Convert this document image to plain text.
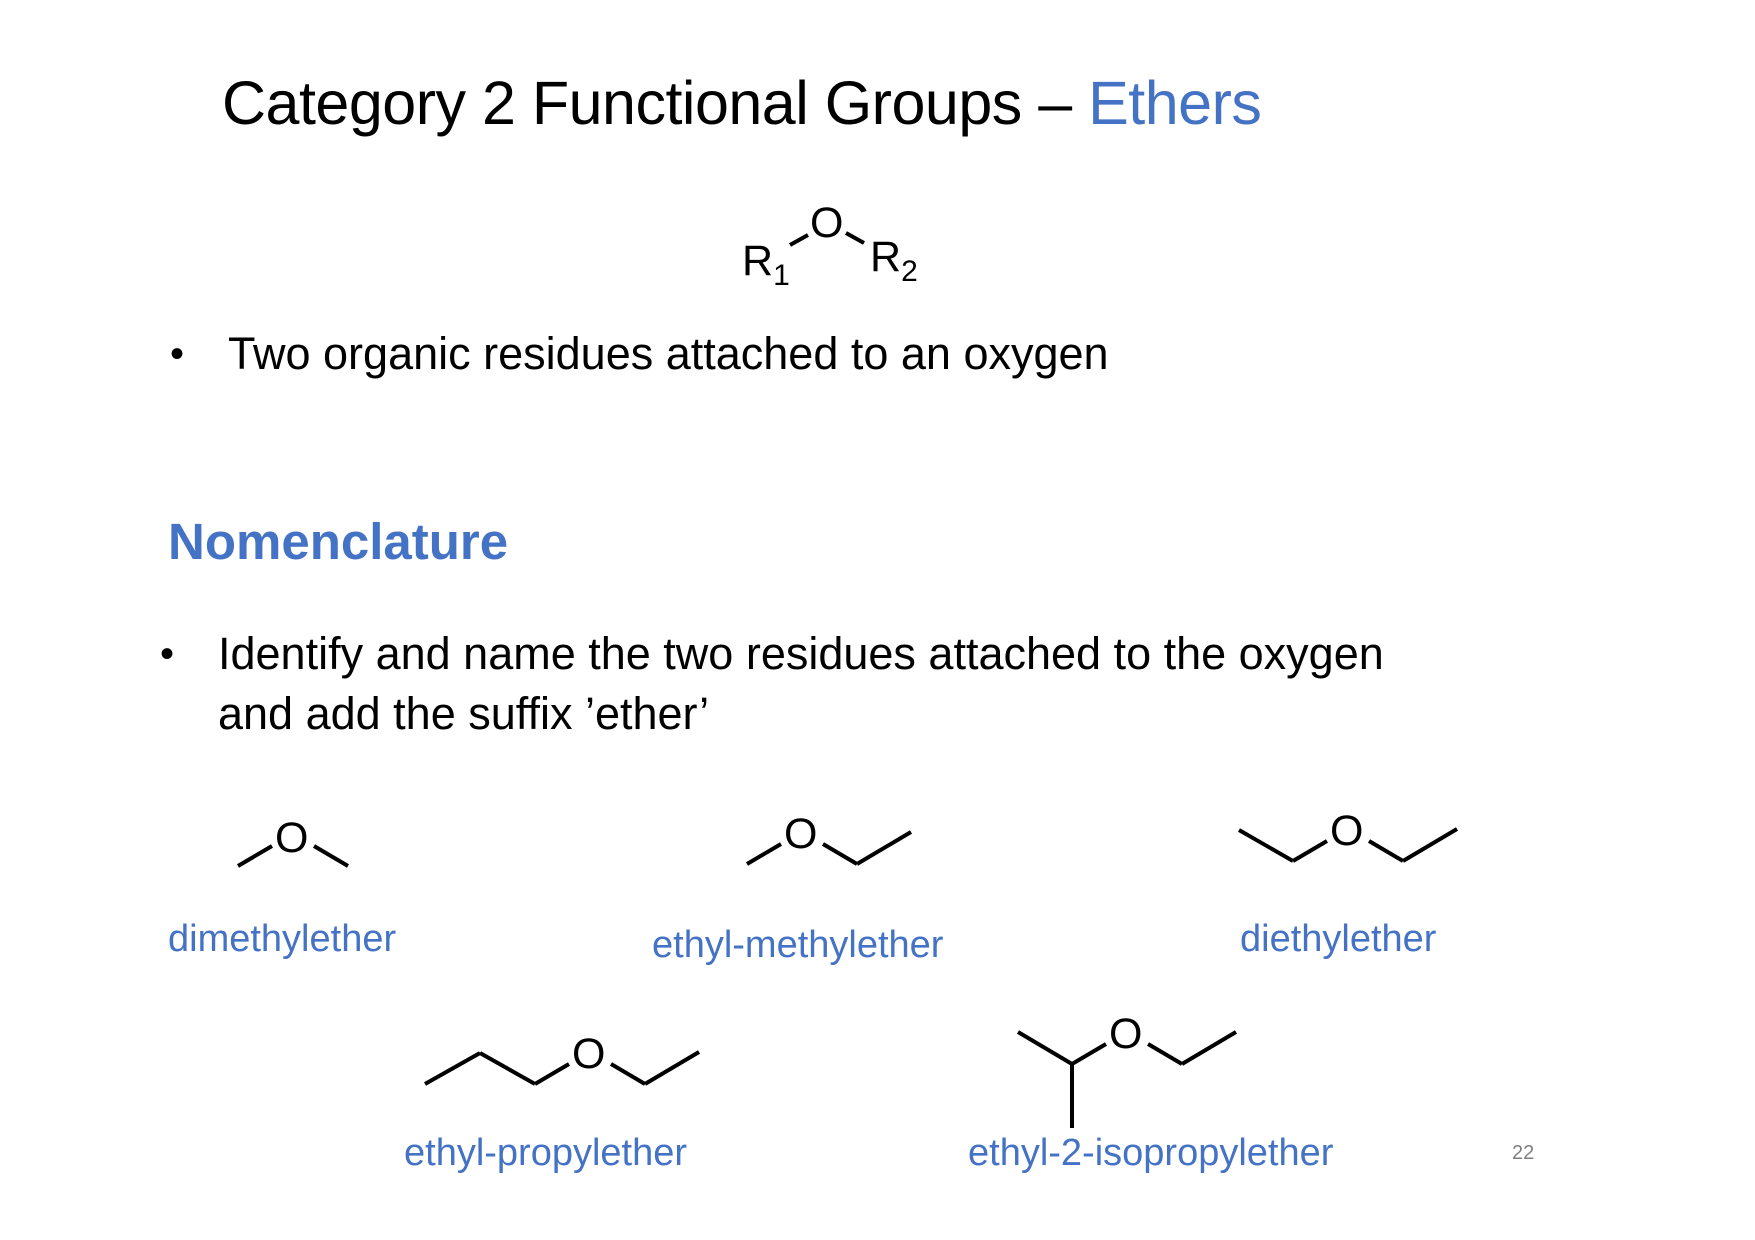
Category 2 Functional Groups – Ethers
O
$R_1$ $R_2$
• Two organic residues attached to an oxygen
Nomenclature
• Identify and name the two residues attached to the oxygen
and add the suffix ’ether’
O
dimethylether
O
ethyl-methylether
O
diethylether
O
ethyl-propylether
O
ethyl-2-isopropylether	22
